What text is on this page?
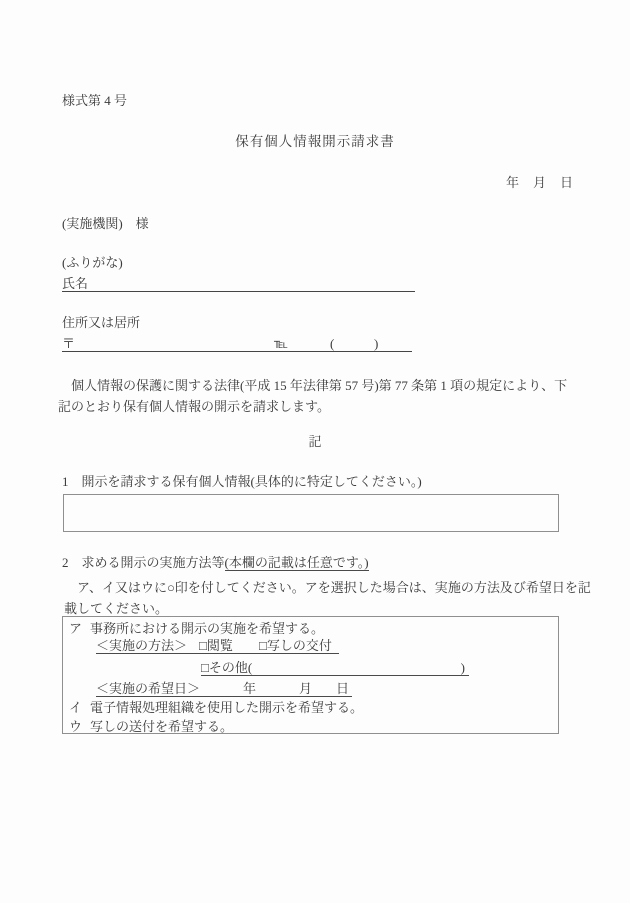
様式第 4 号
保有個人情報開示請求書
年 月 日
(実施機関)　様
(ふりがな)
氏名
住所又は居所
〒	℡	(	)
個人情報の保護に関する法律(平成 15 年法律第 57 号)第 77 条第 1 項の規定により、下記のとおり保有個人情報の開示を請求します。
記
1　開示を請求する保有個人情報(具体的に特定してください。)
2　求める開示の実施方法等(本欄の記載は任意です。)
ア、イ又はウに○印を付してください。アを選択した場合は、実施の方法及び希望日を記載してください。
ア 事務所における開示の実施を希望する。
＜実施の方法＞ □閲覧 □写しの交付
□その他(	)
＜実施の希望日＞	年	月 日
イ 電子情報処理組織を使用した開示を希望する。
ウ 写しの送付を希望する。
